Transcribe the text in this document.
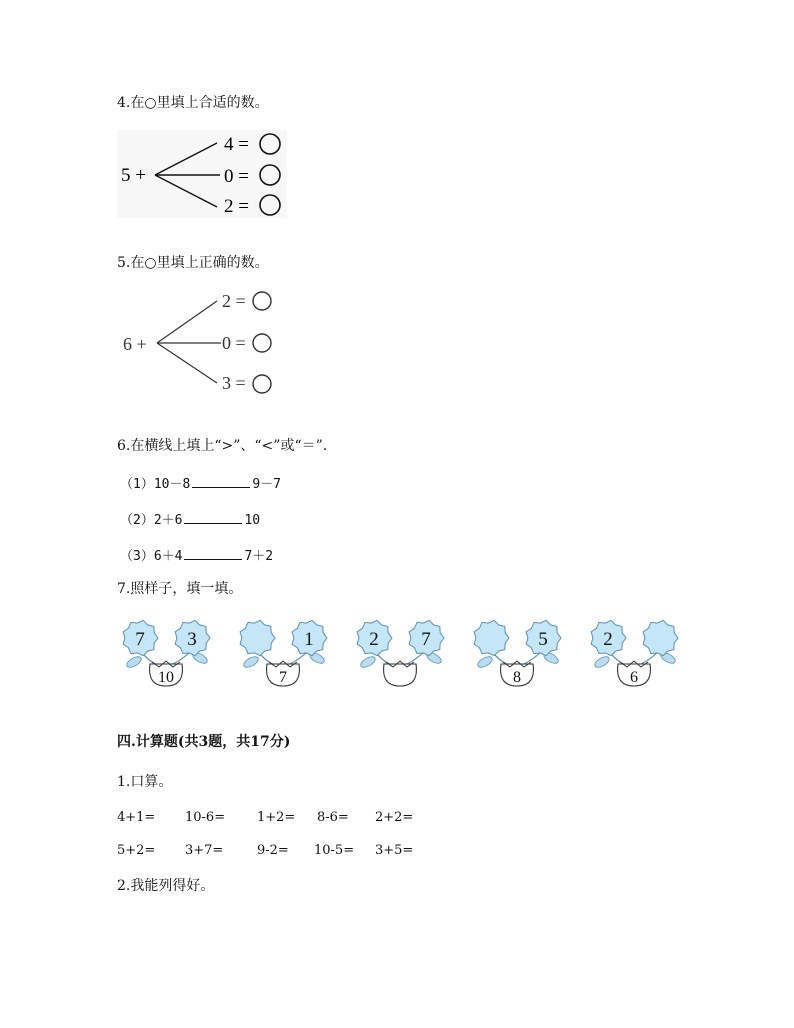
4.在○里填上合适的数。
5 +
4 =
0 =
2 =
5.在○里填上正确的数。
6 +
2 =
0 =
3 =
6.在横线上填上“>”、“<”或“＝”.
（1）10－8	9－7
（2）2＋6	10
（3）6＋4	7＋2
7.照样子，填一填。
7 3
10
1
7
2 7	5
8
2
6
四.计算题(共3题，共17分)
1.口算。
4+1= 10-6= 1+2= 8-6= 2+2=
5+2= 3+7=	9-2= 10-5= 3+5=
2.我能列得好。
